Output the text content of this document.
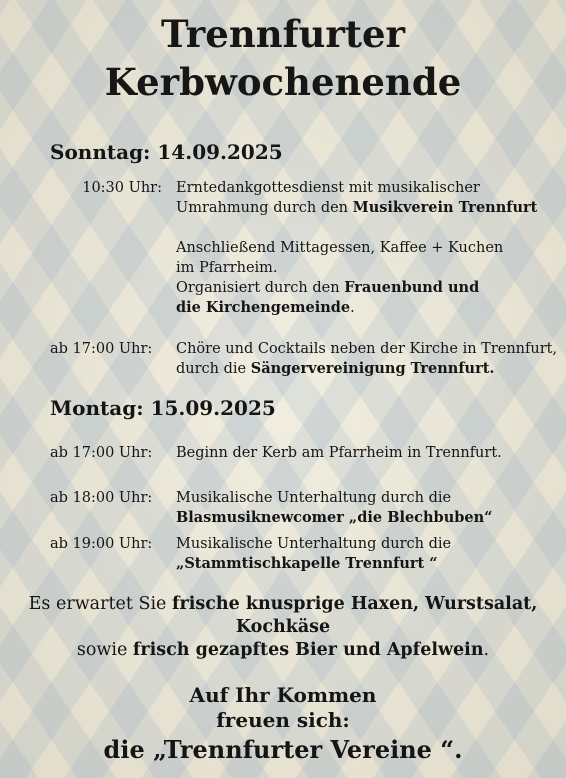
Trennfurter
Kerbwochenende
Sonntag: 14.09.2025
10:30 Uhr: Erntedankgottesdienst mit musikalischer
Umrahmung durch den Musikverein Trennfurt
Anschließend Mittagessen, Kaffee + Kuchen
im Pfarrheim.
Organisiert durch den Frauenbund und
die Kirchengemeinde.
ab 17:00 Uhr:	Chöre und Cocktails neben der Kirche in Trennfurt,
durch die Sängervereinigung Trennfurt.
Montag: 15.09.2025
ab 17:00 Uhr:	Beginn der Kerb am Pfarrheim in Trennfurt.
ab 18:00 Uhr:	Musikalische Unterhaltung durch die
Blasmusiknewcomer „die Blechbuben“
ab 19:00 Uhr:	Musikalische Unterhaltung durch die
„Stammtischkapelle Trennfurt “
Es erwartet Sie frische knusprige Haxen, Wurstsalat,
Kochkäse
sowie frisch gezapftes Bier und Apfelwein.
Auf Ihr Kommen
freuen sich:
die „Trennfurter Vereine “.
